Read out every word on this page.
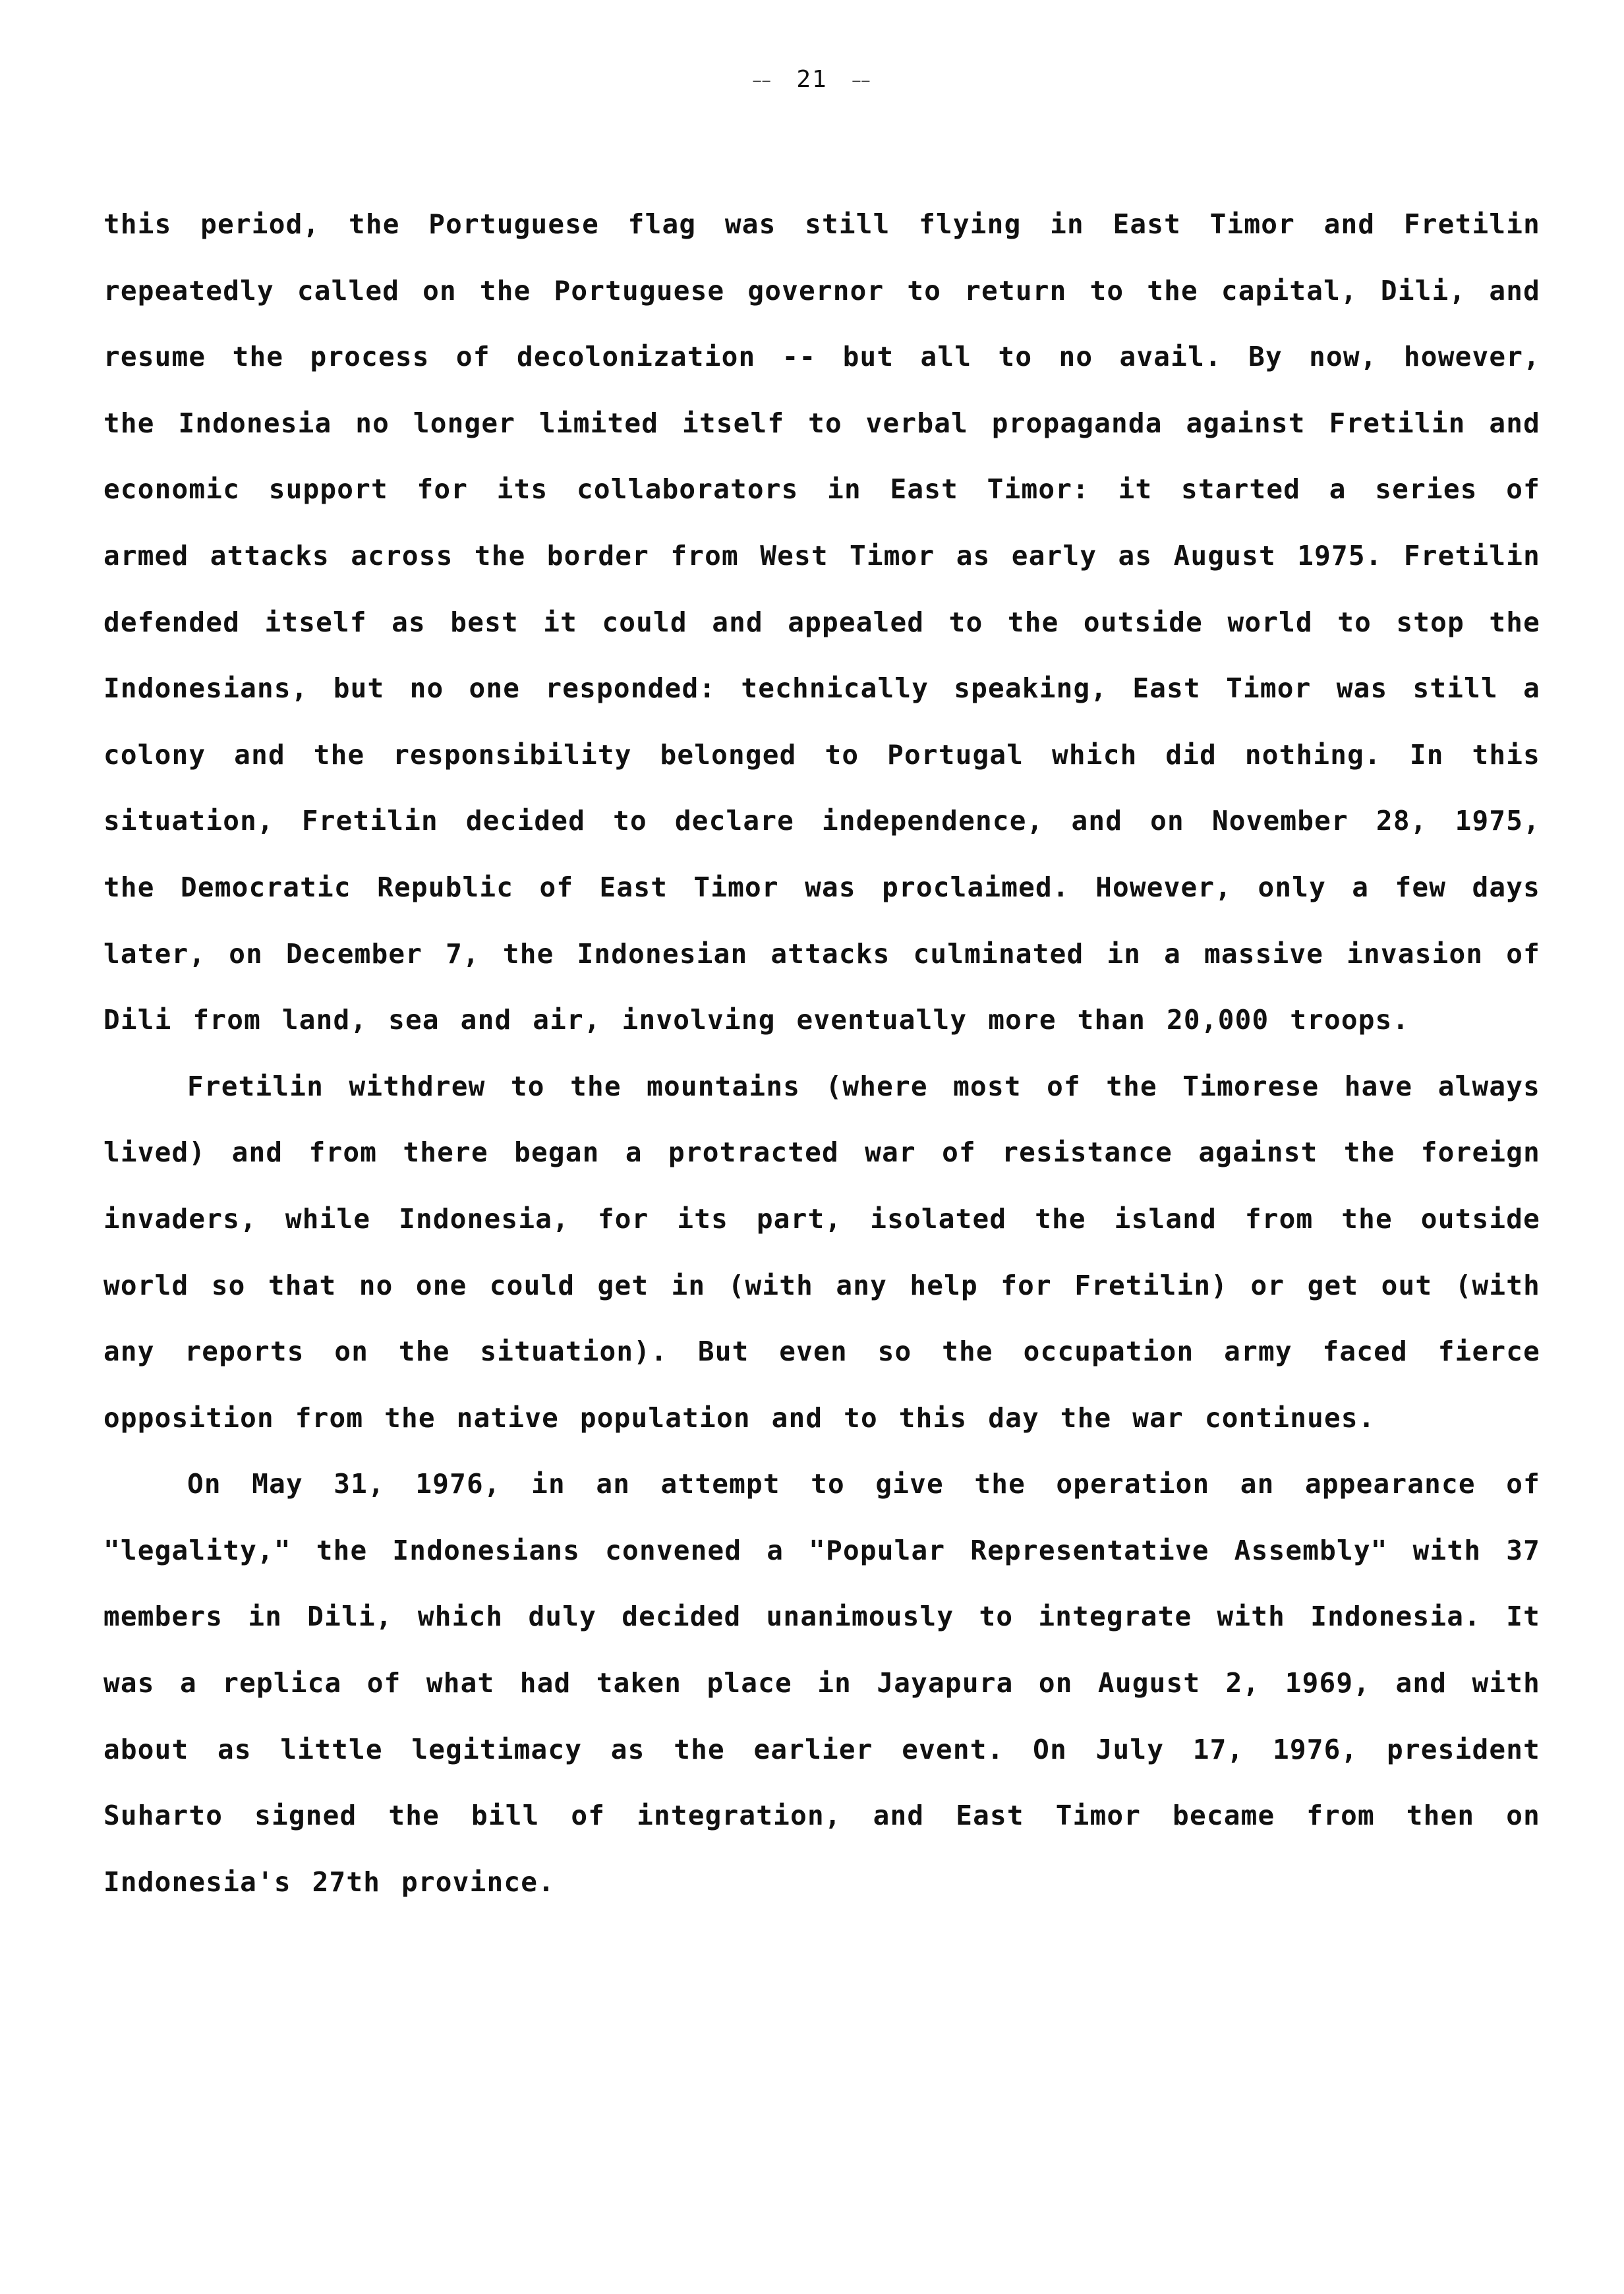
—— 21 ——

this period, the Portuguese flag was still flying in East Timor and Fretilin repeatedly called on the Portuguese governor to return to the capital, Dili, and resume the process of decolonization -- but all to no avail. By now, however, the Indonesia no longer limited itself to verbal propaganda against Fretilin and economic support for its collaborators in East Timor: it started a series of armed attacks across the border from West Timor as early as August 1975. Fretilin defended itself as best it could and appealed to the outside world to stop the Indonesians, but no one responded: technically speaking, East Timor was still a colony and the responsibility belonged to Portugal which did nothing. In this situation, Fretilin decided to declare independence, and on November 28, 1975, the Democratic Republic of East Timor was proclaimed. However, only a few days later, on December 7, the Indonesian attacks culminated in a massive invasion of Dili from land, sea and air, involving eventually more than 20,000 troops.

Fretilin withdrew to the mountains (where most of the Timorese have always lived) and from there began a protracted war of resistance against the foreign invaders, while Indonesia, for its part, isolated the island from the outside world so that no one could get in (with any help for Fretilin) or get out (with any reports on the situation). But even so the occupation army faced fierce opposition from the native population and to this day the war continues.

On May 31, 1976, in an attempt to give the operation an appearance of "legality," the Indonesians convened a "Popular Representative Assembly" with 37 members in Dili, which duly decided unanimously to integrate with Indonesia. It was a replica of what had taken place in Jayapura on August 2, 1969, and with about as little legitimacy as the earlier event. On July 17, 1976, president Suharto signed the bill of integration, and East Timor became from then on Indonesia's 27th province.
